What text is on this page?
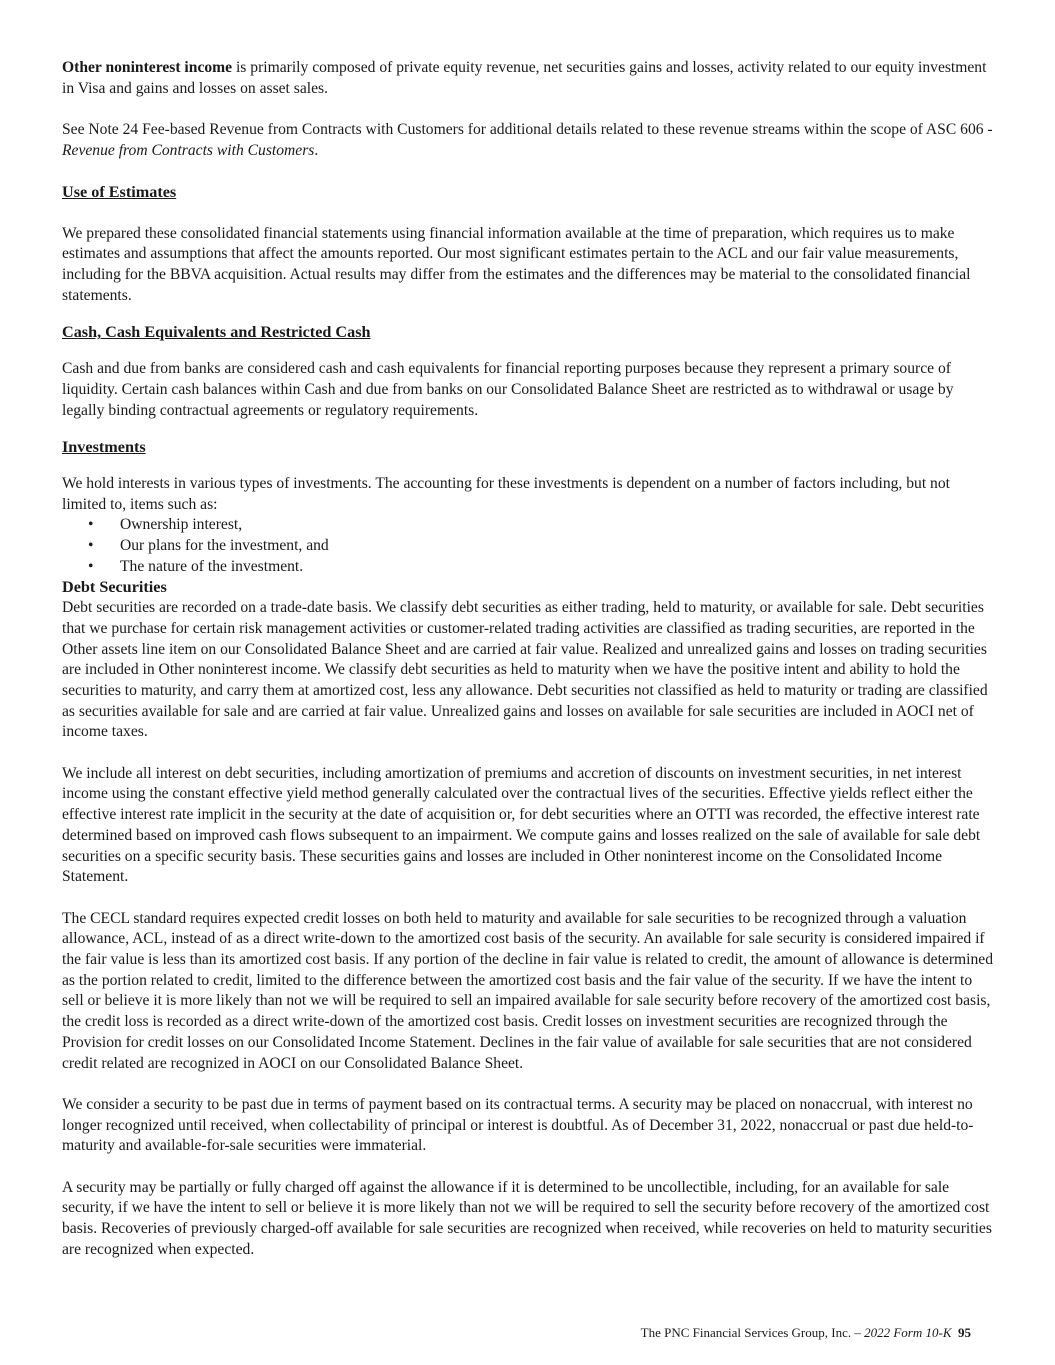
Other noninterest income is primarily composed of private equity revenue, net securities gains and losses, activity related to our equity investment in Visa and gains and losses on asset sales.

See Note 24 Fee-based Revenue from Contracts with Customers for additional details related to these revenue streams within the scope of ASC 606 - Revenue from Contracts with Customers.

Use of Estimates

We prepared these consolidated financial statements using financial information available at the time of preparation, which requires us to make estimates and assumptions that affect the amounts reported. Our most significant estimates pertain to the ACL and our fair value measurements, including for the BBVA acquisition. Actual results may differ from the estimates and the differences may be material to the consolidated financial statements.

Cash, Cash Equivalents and Restricted Cash

Cash and due from banks are considered cash and cash equivalents for financial reporting purposes because they represent a primary source of liquidity. Certain cash balances within Cash and due from banks on our Consolidated Balance Sheet are restricted as to withdrawal or usage by legally binding contractual agreements or regulatory requirements.

Investments

We hold interests in various types of investments. The accounting for these investments is dependent on a number of factors including, but not limited to, items such as:

• Ownership interest,
• Our plans for the investment, and
• The nature of the investment.

Debt Securities

Debt securities are recorded on a trade-date basis. We classify debt securities as either trading, held to maturity, or available for sale. Debt securities that we purchase for certain risk management activities or customer-related trading activities are classified as trading securities, are reported in the Other assets line item on our Consolidated Balance Sheet and are carried at fair value. Realized and unrealized gains and losses on trading securities are included in Other noninterest income. We classify debt securities as held to maturity when we have the positive intent and ability to hold the securities to maturity, and carry them at amortized cost, less any allowance. Debt securities not classified as held to maturity or trading are classified as securities available for sale and are carried at fair value. Unrealized gains and losses on available for sale securities are included in AOCI net of income taxes.

We include all interest on debt securities, including amortization of premiums and accretion of discounts on investment securities, in net interest income using the constant effective yield method generally calculated over the contractual lives of the securities. Effective yields reflect either the effective interest rate implicit in the security at the date of acquisition or, for debt securities where an OTTI was recorded, the effective interest rate determined based on improved cash flows subsequent to an impairment. We compute gains and losses realized on the sale of available for sale debt securities on a specific security basis. These securities gains and losses are included in Other noninterest income on the Consolidated Income Statement.

The CECL standard requires expected credit losses on both held to maturity and available for sale securities to be recognized through a valuation allowance, ACL, instead of as a direct write-down to the amortized cost basis of the security. An available for sale security is considered impaired if the fair value is less than its amortized cost basis. If any portion of the decline in fair value is related to credit, the amount of allowance is determined as the portion related to credit, limited to the difference between the amortized cost basis and the fair value of the security. If we have the intent to sell or believe it is more likely than not we will be required to sell an impaired available for sale security before recovery of the amortized cost basis, the credit loss is recorded as a direct write-down of the amortized cost basis. Credit losses on investment securities are recognized through the Provision for credit losses on our Consolidated Income Statement. Declines in the fair value of available for sale securities that are not considered credit related are recognized in AOCI on our Consolidated Balance Sheet.

We consider a security to be past due in terms of payment based on its contractual terms. A security may be placed on nonaccrual, with interest no longer recognized until received, when collectability of principal or interest is doubtful. As of December 31, 2022, nonaccrual or past due held-to-maturity and available-for-sale securities were immaterial.

A security may be partially or fully charged off against the allowance if it is determined to be uncollectible, including, for an available for sale security, if we have the intent to sell or believe it is more likely than not we will be required to sell the security before recovery of the amortized cost basis. Recoveries of previously charged-off available for sale securities are recognized when received, while recoveries on held to maturity securities are recognized when expected.

The PNC Financial Services Group, Inc. – 2022 Form 10-K 95
